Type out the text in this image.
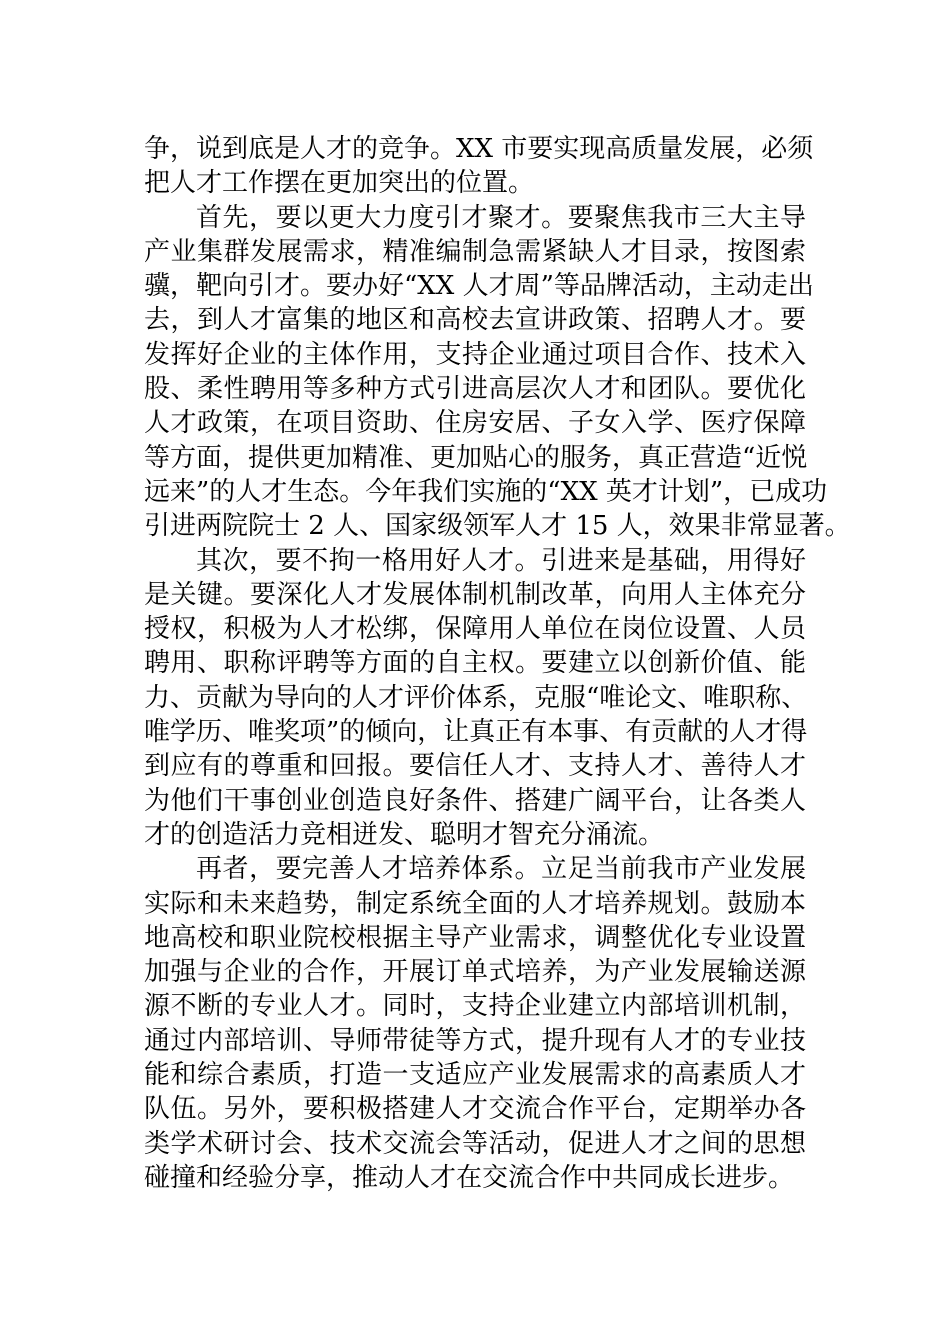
争，说到底是人才的竞争。XX 市要实现高质量发展，必须
把人才工作摆在更加突出的位置。
首先，要以更大力度引才聚才。要聚焦我市三大主导
产业集群发展需求，精准编制急需紧缺人才目录，按图索
骥，靶向引才。要办好“XX 人才周”等品牌活动，主动走出
去，到人才富集的地区和高校去宣讲政策、招聘人才。要
发挥好企业的主体作用，支持企业通过项目合作、技术入
股、柔性聘用等多种方式引进高层次人才和团队。要优化
人才政策，在项目资助、住房安居、子女入学、医疗保障
等方面，提供更加精准、更加贴心的服务，真正营造“近悦
远来”的人才生态。今年我们实施的“XX 英才计划”，已成功
引进两院院士 2 人、国家级领军人才 15 人，效果非常显著。
其次，要不拘一格用好人才。引进来是基础，用得好
是关键。要深化人才发展体制机制改革，向用人主体充分
授权，积极为人才松绑，保障用人单位在岗位设置、人员
聘用、职称评聘等方面的自主权。要建立以创新价值、能
力、贡献为导向的人才评价体系，克服“唯论文、唯职称、
唯学历、唯奖项”的倾向，让真正有本事、有贡献的人才得
到应有的尊重和回报。要信任人才、支持人才、善待人才
为他们干事创业创造良好条件、搭建广阔平台，让各类人
才的创造活力竞相迸发、聪明才智充分涌流。
再者，要完善人才培养体系。立足当前我市产业发展
实际和未来趋势，制定系统全面的人才培养规划。鼓励本
地高校和职业院校根据主导产业需求，调整优化专业设置
加强与企业的合作，开展订单式培养，为产业发展输送源
源不断的专业人才。同时，支持企业建立内部培训机制，
通过内部培训、导师带徒等方式，提升现有人才的专业技
能和综合素质，打造一支适应产业发展需求的高素质人才
队伍。另外，要积极搭建人才交流合作平台，定期举办各
类学术研讨会、技术交流会等活动，促进人才之间的思想
碰撞和经验分享，推动人才在交流合作中共同成长进步。
